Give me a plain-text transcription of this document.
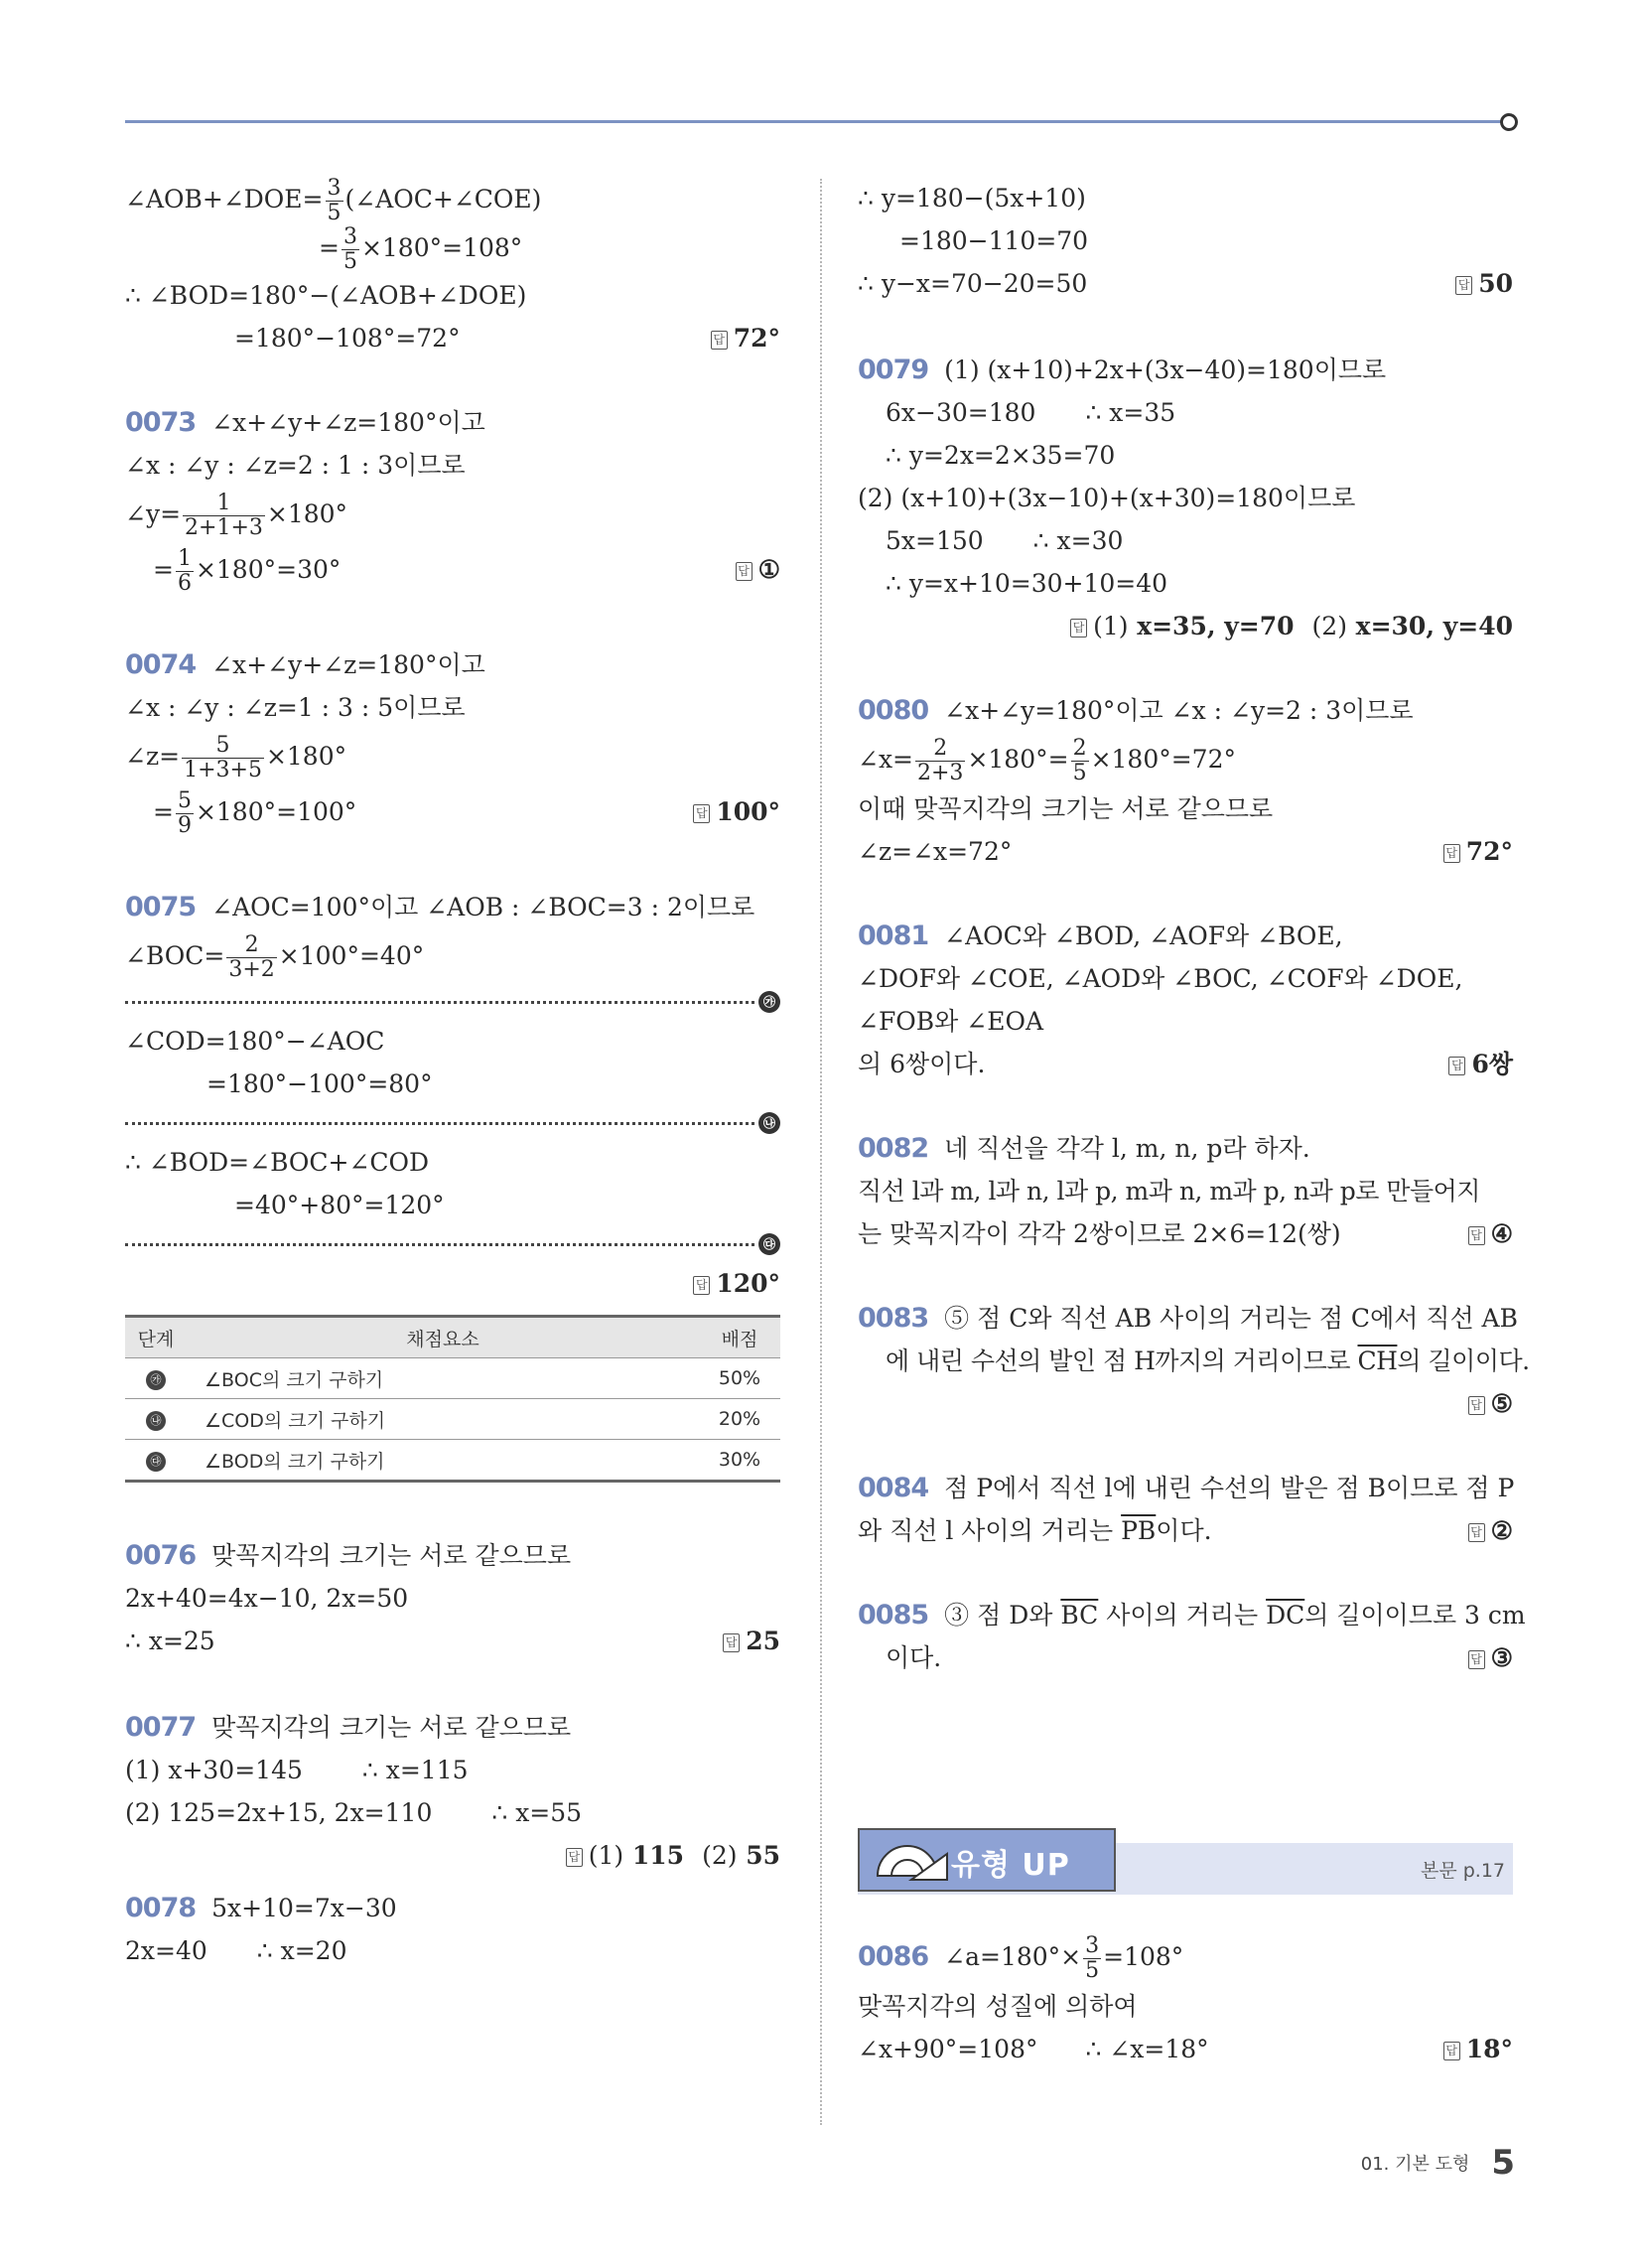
∠AOB+∠DOE= $\frac{3}{5}$ (∠AOC+∠COE)
= $\frac{3}{5} \times 180^\circ=108^\circ$
∴ ∠BOD=180°−(∠AOB+∠DOE)
=180°−108°=72°	답 72°
0073 ∠x+∠y+∠z=180°이고
∠x : ∠y : ∠z=2 : 1 : 3이므로
∠y= $\frac{1}{2+1+3} \times 180^\circ$
= $\frac{1}{6} \times 180^\circ=30^\circ$	답 ①
0074 ∠x+∠y+∠z=180°이고
∠x : ∠y : ∠z=1 : 3 : 5이므로
∠z= $\frac{5}{1+3+5} \times 180^\circ$
= $\frac{5}{9} \times 180^\circ=100^\circ$	답 100°
0075 ∠AOC=100°이고 ∠AOB : ∠BOC=3 : 2이므로
∠BOC= $\frac{2}{3+2} \times 100^\circ=40^\circ$
㉮
∠COD=180°−∠AOC
=180°−100°=80°
㉯
∴ ∠BOD=∠BOC+∠COD
=40°+80°=120°
㉰
답 120°
단계	채점요소	배점
㉮	∠BOC의 크기 구하기	50%
㉯	∠COD의 크기 구하기	20%
㉰	∠BOD의 크기 구하기	30%
0076 맞꼭지각의 크기는 서로 같으므로
2x+40=4x−10, 2x=50
∴ x=25	답 25
0077 맞꼭지각의 크기는 서로 같으므로
(1) x+30=145 ∴ x=115
(2) 125=2x+15, 2x=110 ∴ x=55
답 (1) 115 (2) 55
0078 5x+10=7x−30
2x=40 ∴ x=20
∴ y=180−(5x+10)
=180−110=70
∴ y−x=70−20=50	답 50
0079 (1) (x+10)+2x+(3x−40)=180이므로
6x−30=180 ∴ x=35
∴ y=2x=2×35=70
(2) (x+10)+(3x−10)+(x+30)=180이므로
5x=150 ∴ x=30
∴ y=x+10=30+10=40
답 (1) x=35, y=70 (2) x=30, y=40
0080 ∠x+∠y=180°이고 ∠x : ∠y=2 : 3이므로
∠x= $\frac{2}{2+3} \times 180^\circ= \frac{2}{5} \times 180^\circ=72^\circ$
이때 맞꼭지각의 크기는 서로 같으므로
∠z=∠x=72°	답 72°
0081 ∠AOC와 ∠BOD, ∠AOF와 ∠BOE,
∠DOF와 ∠COE, ∠AOD와 ∠BOC, ∠COF와 ∠DOE,
∠FOB와 ∠EOA
의 6쌍이다.	답 6쌍
0082 네 직선을 각각 l, m, n, p라 하자.
직선 l과 m, l과 n, l과 p, m과 n, m과 p, n과 p로 만들어지
는 맞꼭지각이 각각 2쌍이므로 2×6=12(쌍)	답 ④
0083 ⑤ 점 C와 직선 AB 사이의 거리는 점 C에서 직선 AB
에 내린 수선의 발인 점 H까지의 거리이므로 $\overline{CH}$의 길이이다.
답 ⑤
0084 점 P에서 직선 l에 내린 수선의 발은 점 B이므로 점 P
와 직선 l 사이의 거리는 $\overline{PB}$이다.	답 ②
0085 ③ 점 D와 $\overline{BC}$ 사이의 거리는 $\overline{DC}$의 길이이므로 3 cm
이다.	답 ③
유형 UP	본문 p.17
0086 ∠a=180°× $\frac{3}{5} =108^\circ$
맞꼭지각의 성질에 의하여
∠x+90°=108° ∴ ∠x=18°	답 18°
01. 기본 도형 5
